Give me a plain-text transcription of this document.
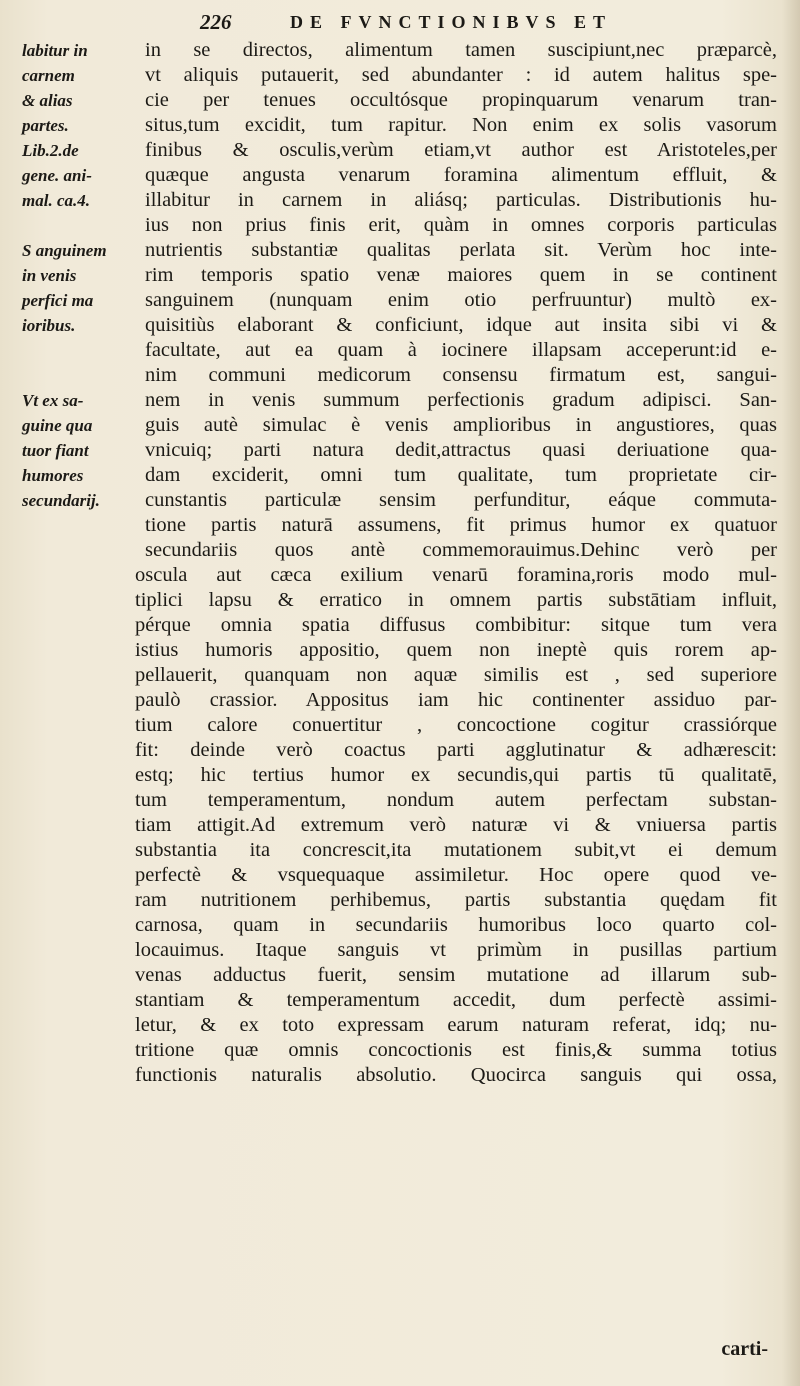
226	DE FVNCTIONIBVS ET
labitur in
carnem
& alias
partes.
Lib.2.de
gene. ani-
mal. ca.4.
S anguinem
in venis
perfici ma
ioribus.
Vt ex sa-
guine qua
tuor fiant
humores
secundarij.
in se directos, alimentum tamen suscipiunt,nec præparcè,
vt aliquis putauerit, sed abundanter : id autem halitus spe-
cie per tenues occultósque propinquarum venarum tran-
situs,tum excidit, tum rapitur. Non enim ex solis vasorum
finibus & osculis,verùm etiam,vt author est Aristoteles,per
quæque angusta venarum foramina alimentum effluit, &
illabitur in carnem in aliásq; particulas. Distributionis hu-
ius non prius finis erit, quàm in omnes corporis particulas
nutrientis substantiæ qualitas perlata sit. Verùm hoc inte-
rim temporis spatio venæ maiores quem in se continent
sanguinem (nunquam enim otio perfruuntur) multò ex-
quisitiùs elaborant & conficiunt, idque aut insita sibi vi &
facultate, aut ea quam à iocinere illapsam acceperunt:id e-
nim communi medicorum consensu firmatum est, sangui-
nem in venis summum perfectionis gradum adipisci. San-
guis autè simulac è venis amplioribus in angustiores, quas
vnicuiq; parti natura dedit,attractus quasi deriuatione qua-
dam exciderit, omni tum qualitate, tum proprietate cir-
cunstantis particulæ sensim perfunditur, eáque commuta-
tione partis naturā assumens, fit primus humor ex quatuor
secundariis quos antè commemorauimus.Dehinc verò per
oscula aut cæca exilium venarū foramina,roris modo mul-
tiplici lapsu & erratico in omnem partis substātiam influit,
pérque omnia spatia diffusus combibitur: sitque tum vera
istius humoris appositio, quem non ineptè quis rorem ap-
pellauerit, quanquam non aquæ similis est , sed superiore
paulò crassior. Appositus iam hic continenter assiduo par-
tium calore conuertitur , concoctione cogitur crassiórque
fit: deinde verò coactus parti agglutinatur & adhærescit:
estq; hic tertius humor ex secundis,qui partis tū qualitatē,
tum temperamentum, nondum autem perfectam substan-
tiam attigit.Ad extremum verò naturæ vi & vniuersa partis
substantia ita concrescit,ita mutationem subit,vt ei demum
perfectè & vsquequaque assimiletur. Hoc opere quod ve-
ram nutritionem perhibemus, partis substantia quędam fit
carnosa, quam in secundariis humoribus loco quarto col-
locauimus. Itaque sanguis vt primùm in pusillas partium
venas adductus fuerit, sensim mutatione ad illarum sub-
stantiam & temperamentum accedit, dum perfectè assimi-
letur, & ex toto expressam earum naturam referat, idq; nu-
tritione quæ omnis concoctionis est finis,& summa totius
functionis naturalis absolutio. Quocirca sanguis qui ossa,
carti-
